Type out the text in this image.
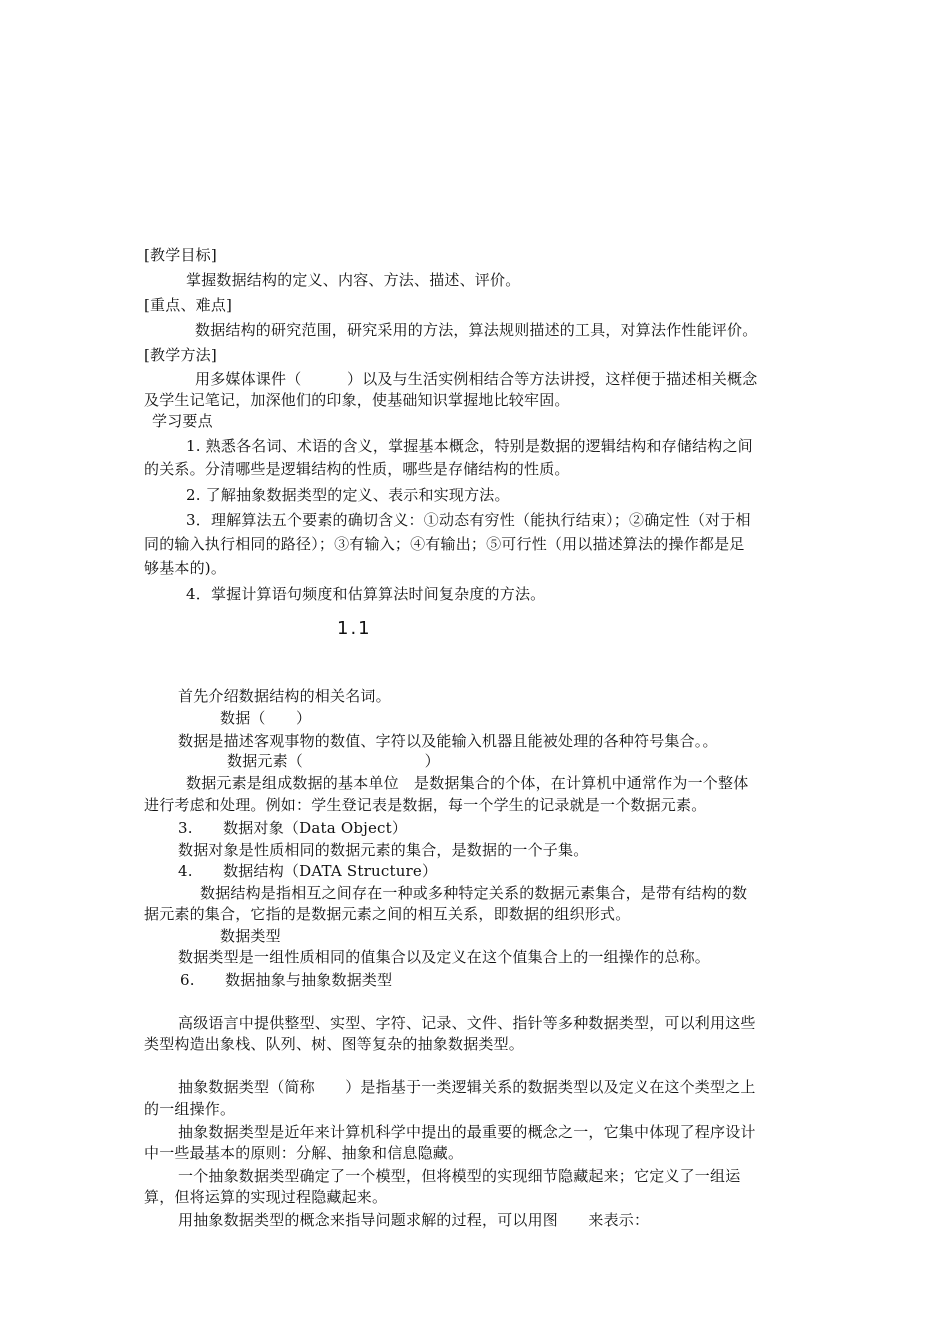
[教学目标]
掌握数据结构的定义、内容、方法、描述、评价。
[重点、难点]
数据结构的研究范围，研究采用的方法，算法规则描述的工具，对算法作性能评价。
[教学方法]
用多媒体课件（　　　）以及与生活实例相结合等方法讲授，这样便于描述相关概念
及学生记笔记，加深他们的印象，使基础知识掌握地比较牢固。
学习要点
1. 熟悉各名词、术语的含义，掌握基本概念，特别是数据的逻辑结构和存储结构之间
的关系。分清哪些是逻辑结构的性质，哪些是存储结构的性质。
2. 了解抽象数据类型的定义、表示和实现方法。
3．理解算法五个要素的确切含义：①动态有穷性（能执行结束）；②确定性（对于相
同的输入执行相同的路径）；③有输入；④有输出；⑤可行性（用以描述算法的操作都是足
够基本的)。
4．掌握计算语句频度和估算算法时间复杂度的方法。
1.1
首先介绍数据结构的相关名词。
数据（　　）
数据是描述客观事物的数值、字符以及能输入机器且能被处理的各种符号集合。。
数据元素（　　　　　　　　）
数据元素是组成数据的基本单位　是数据集合的个体，在计算机中通常作为一个整体
进行考虑和处理。例如：学生登记表是数据，每一个学生的记录就是一个数据元素。
3.　　数据对象（Data Object）
数据对象是性质相同的数据元素的集合，是数据的一个子集。
4.　　数据结构（DATA Structure）
数据结构是指相互之间存在一种或多种特定关系的数据元素集合，是带有结构的数
据元素的集合，它指的是数据元素之间的相互关系，即数据的组织形式。
数据类型
数据类型是一组性质相同的值集合以及定义在这个值集合上的一组操作的总称。
6.　　数据抽象与抽象数据类型
高级语言中提供整型、实型、字符、记录、文件、指针等多种数据类型，可以利用这些
类型构造出象栈、队列、树、图等复杂的抽象数据类型。
抽象数据类型（简称　　）是指基于一类逻辑关系的数据类型以及定义在这个类型之上
的一组操作。
抽象数据类型是近年来计算机科学中提出的最重要的概念之一，它集中体现了程序设计
中一些最基本的原则：分解、抽象和信息隐藏。
一个抽象数据类型确定了一个模型，但将模型的实现细节隐藏起来；它定义了一组运
算，但将运算的实现过程隐藏起来。
用抽象数据类型的概念来指导问题求解的过程，可以用图　　来表示：
